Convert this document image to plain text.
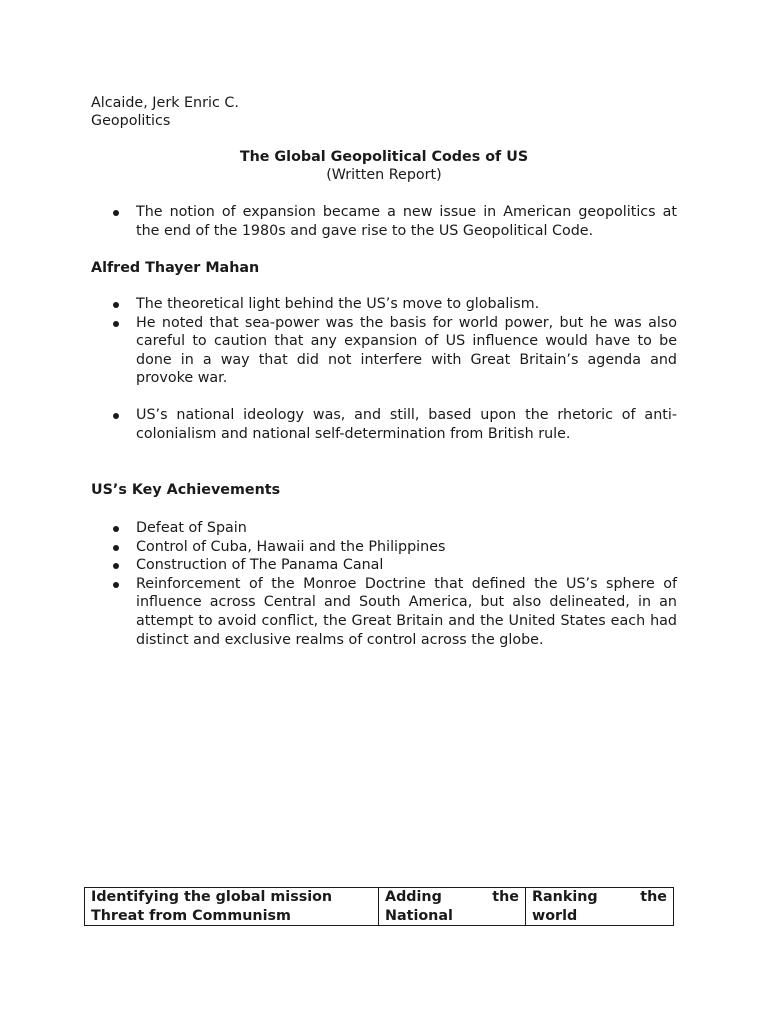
Alcaide, Jerk Enric C.
Geopolitics
The Global Geopolitical Codes of US
(Written Report)
The notion of expansion became a new issue in American geopolitics at the end of the 1980s and gave rise to the US Geopolitical Code.
Alfred Thayer Mahan
The theoretical light behind the US’s move to globalism.
He noted that sea-power was the basis for world power, but he was also careful to caution that any expansion of US influence would have to be done in a way that did not interfere with Great Britain’s agenda and provoke war.
US’s national ideology was, and still, based upon the rhetoric of anti-colonialism and national self-determination from British rule.
US’s Key Achievements
Defeat of Spain
Control of Cuba, Hawaii and the Philippines
Construction of The Panama Canal
Reinforcement of the Monroe Doctrine that defined the US’s sphere of influence across Central and South America, but also delineated, in an attempt to avoid conflict, the Great Britain and the United States each had distinct and exclusive realms of control across the globe.
Identifying the global mission
Threat from Communism

Adding	the
National

Ranking	the
world
